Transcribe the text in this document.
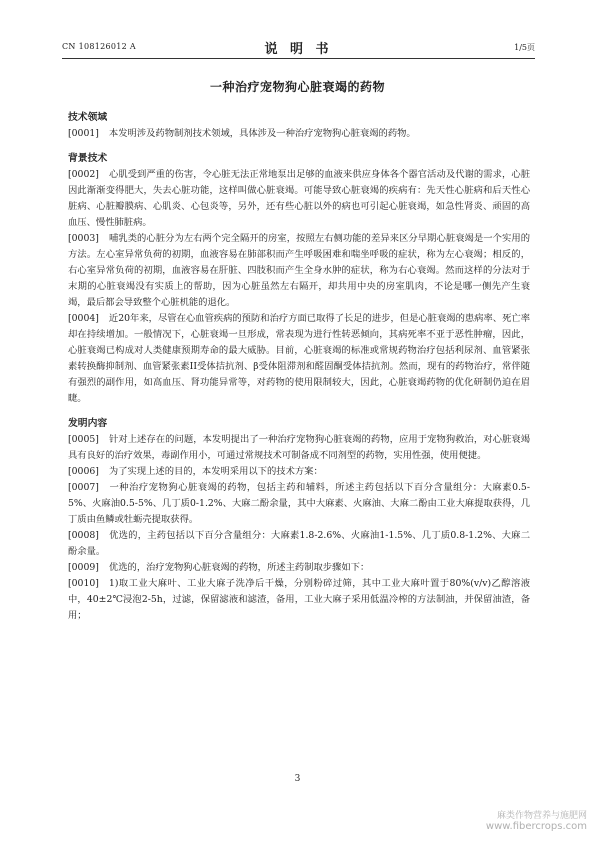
CN 108126012 A	说 明 书	1/5页
一种治疗宠物狗心脏衰竭的药物

技术领域

[0001] 本发明涉及药物制剂技术领域，具体涉及一种治疗宠物狗心脏衰竭的药物。

背景技术

[0002] 心肌受到严重的伤害，令心脏无法正常地泵出足够的血液来供应身体各个器官活动及代谢的需求，心脏因此渐渐变得肥大，失去心脏功能，这样叫做心脏衰竭。可能导致心脏衰竭的疾病有：先天性心脏病和后天性心脏病、心脏瓣膜病、心肌炎、心包炎等，另外，还有些心脏以外的病也可引起心脏衰竭，如急性肾炎、顽固的高血压、慢性肺脏病。

[0003] 哺乳类的心脏分为左右两个完全隔开的房室，按照左右侧功能的差异来区分早期心脏衰竭是一个实用的方法。左心室异常负荷的初期，血液容易在肺部积而产生呼吸困难和喘坐呼吸的症状，称为左心衰竭；相反的，右心室异常负荷的初期，血液容易在肝脏、四肢积而产生全身水肿的症状，称为右心衰竭。然而这样的分法对于末期的心脏衰竭没有实质上的帮助，因为心脏虽然左右隔开，却共用中央的房室肌肉，不论是哪一侧先产生衰竭，最后都会导致整个心脏机能的退化。

[0004] 近20年来，尽管在心血管疾病的预防和治疗方面已取得了长足的进步，但是心脏衰竭的患病率、死亡率却在持续增加。一般情况下，心脏衰竭一旦形成，常表现为进行性转恶倾向，其病死率不亚于恶性肿瘤，因此，心脏衰竭已构成对人类健康预期寿命的最大威胁。目前，心脏衰竭的标准或常规药物治疗包括利尿剂、血管紧张素转换酶抑制剂、血管紧张素II受体拮抗剂、β受体阻滞剂和醛固酮受体拮抗剂。然而，现有的药物治疗，常伴随有强烈的副作用，如高血压、肾功能异常等，对药物的使用限制较大，因此，心脏衰竭药物的优化研制仍迫在眉睫。

发明内容

[0005] 针对上述存在的问题，本发明提出了一种治疗宠物狗心脏衰竭的药物，应用于宠物狗救治，对心脏衰竭具有良好的治疗效果，毒副作用小，可通过常规技术可制备成不同剂型的药物，实用性强，使用便捷。

[0006] 为了实现上述的目的，本发明采用以下的技术方案：

[0007] 一种治疗宠物狗心脏衰竭的药物，包括主药和辅料，所述主药包括以下百分含量组分：大麻素0.5-5%、火麻油0.5-5%、几丁质0-1.2%、大麻二酚余量，其中大麻素、火麻油、大麻二酚由工业大麻提取获得，几丁质由鱼鳞或牡蛎壳提取获得。

[0008] 优选的，主药包括以下百分含量组分：大麻素1.8-2.6%、火麻油1-1.5%、几丁质0.8-1.2%、大麻二酚余量。

[0009] 优选的，治疗宠物狗心脏衰竭的药物，所述主药制取步骤如下：

[0010] 1)取工业大麻叶、工业大麻子洗净后干燥，分别粉碎过筛，其中工业大麻叶置于80%(v/v)乙醇溶液中，40±2℃浸泡2-5h，过滤，保留滤液和滤渣，备用，工业大麻子采用低温冷榨的方法制油，并保留油渣，备用；

3
麻类作物营养与施肥网
www.fibercrops.com
